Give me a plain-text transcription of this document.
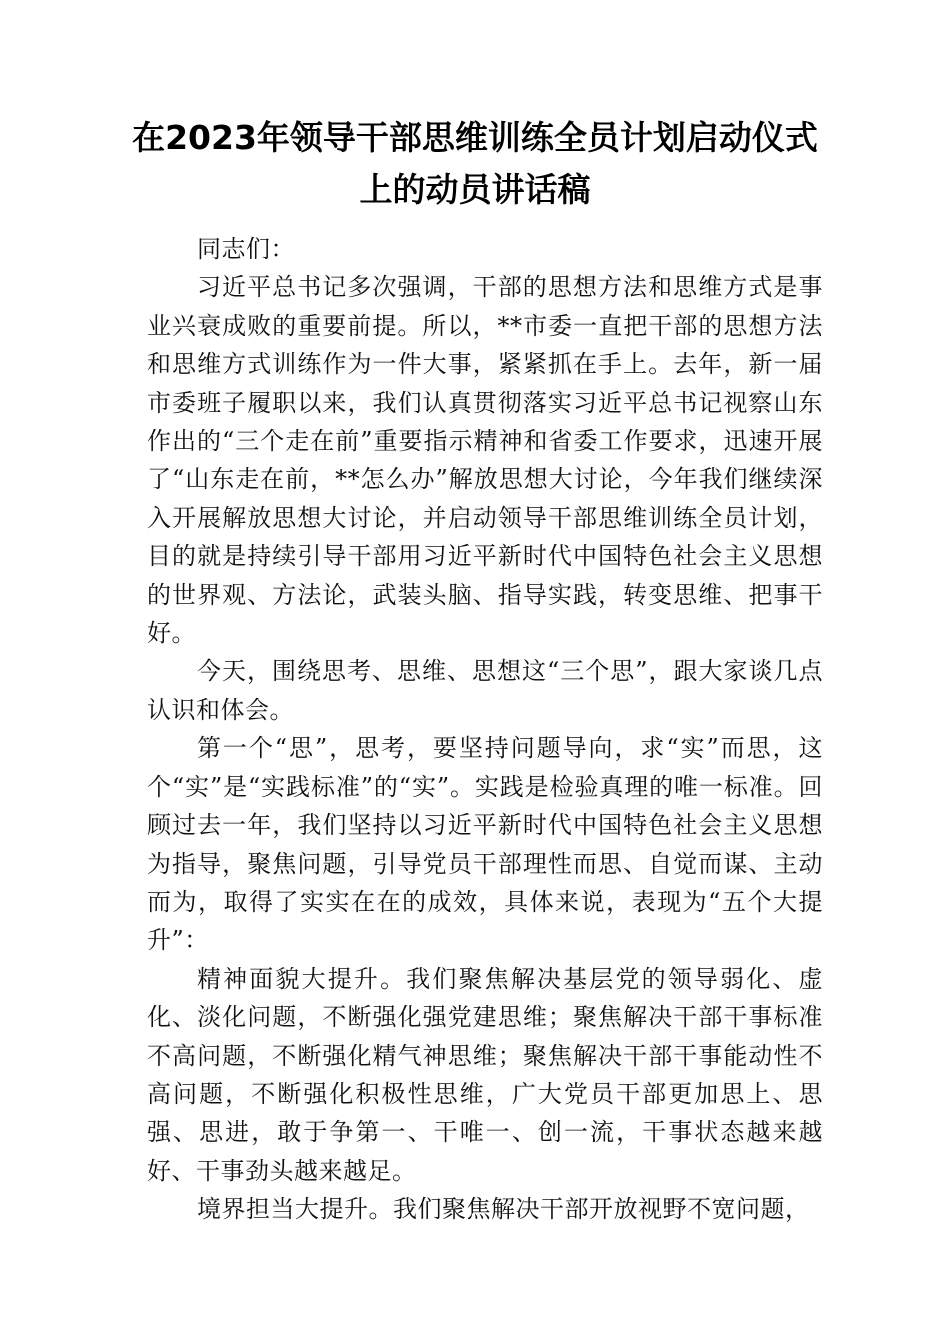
在2023年领导干部思维训练全员计划启动仪式上的动员讲话稿

同志们：

习近平总书记多次强调，干部的思想方法和思维方式是事业兴衰成败的重要前提。所以，**市委一直把干部的思想方法和思维方式训练作为一件大事，紧紧抓在手上。去年，新一届市委班子履职以来，我们认真贯彻落实习近平总书记视察山东作出的“三个走在前”重要指示精神和省委工作要求，迅速开展了“山东走在前，**怎么办”解放思想大讨论，今年我们继续深入开展解放思想大讨论，并启动领导干部思维训练全员计划，目的就是持续引导干部用习近平新时代中国特色社会主义思想的世界观、方法论，武装头脑、指导实践，转变思维、把事干好。

今天，围绕思考、思维、思想这“三个思”，跟大家谈几点认识和体会。

第一个“思”，思考，要坚持问题导向，求“实”而思，这个“实”是“实践标准”的“实”。实践是检验真理的唯一标准。回顾过去一年，我们坚持以习近平新时代中国特色社会主义思想为指导，聚焦问题，引导党员干部理性而思、自觉而谋、主动而为，取得了实实在在的成效，具体来说，表现为“五个大提升”：

精神面貌大提升。我们聚焦解决基层党的领导弱化、虚化、淡化问题，不断强化强党建思维；聚焦解决干部干事标准不高问题，不断强化精气神思维；聚焦解决干部干事能动性不高问题，不断强化积极性思维，广大党员干部更加思上、思强、思进，敢于争第一、干唯一、创一流，干事状态越来越好、干事劲头越来越足。

境界担当大提升。我们聚焦解决干部开放视野不宽问题，
